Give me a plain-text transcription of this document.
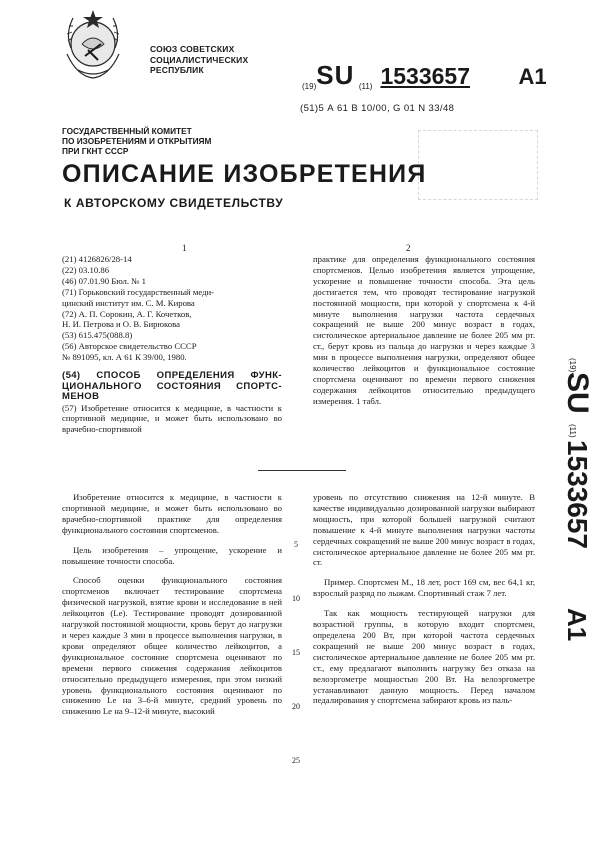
СОЮЗ СОВЕТСКИХ
СОЦИАЛИСТИЧЕСКИХ
РЕСПУБЛИК
(19)SU (11) 1533657 A1
(51)5 А 61 В 10/00, G 01 N 33/48
ГОСУДАРСТВЕННЫЙ КОМИТЕТ
ПО ИЗОБРЕТЕНИЯМ И ОТКРЫТИЯМ
ПРИ ГКНТ СССР
ОПИСАНИЕ ИЗОБРЕТЕНИЯ
К АВТОРСКОМУ СВИДЕТЕЛЬСТВУ
1	2
(21) 4126826/28-14
(22) 03.10.86
(46) 07.01.90 Бюл. № 1
(71) Горьковский государственный меди-
цинский институт им. С. М. Кирова
(72) А. П. Сорокин, А. Г. Кочетков,
Н. И. Петрова и О. В. Бирюкова
(53) 615.475(088.8)
(56) Авторское свидетельство СССР
№ 891095, кл. А 61 К 39/00, 1980.

(54) СПОСОБ ОПРЕДЕЛЕНИЯ ФУНК-ЦИОНАЛЬНОГО СОСТОЯНИЯ СПОРТС-МЕНОВ

(57) Изобретение относится к медицине, в частности к спортивной медицине, и может быть использовано во врачебно-спортивной

практике для определения функционального состояния спортсменов. Целью изобретения является упрощение, ускорение и повышение точности способа. Эта цель достигается тем, что проводят тестирование нагрузкой постоянной мощности, при которой у спортсмена к 4-й минуте выполнения нагрузки частота сердечных сокращений не выше 200 минус возраст в годах, систолическое артериальное давление не более 205 мм рт. ст., берут кровь из пальца до нагрузки и через каждые 3 мин в процессе выполнения нагрузки, определяют общее количество лейкоцитов и функциональное состояние спортсмена оценивают по времени первого снижения содержания лейкоцитов относительно предыдущего измерения. 1 табл.

Изобретение относится к медицине, в частности к спортивной медицине, и может быть использовано во врачебно-спортивной практике для определения функционального состояния спортсменов.

Цель изобретения – упрощение, ускорение и повышение точности способа.

Способ оценки функционального состояния спортсменов включает тестирование спортсмена физической нагрузкой, взятие крови и исследование в ней лейкоцитов (Le). Тестирование проводят дозированной нагрузкой постоянной мощности, кровь берут до нагрузки и через каждые 3 мин в процессе выполнения нагрузки, в крови определяют общее количество лейкоцитов, а функциональное состояние спортсмена оценивают по времени первого снижения содержания лейкоцитов относительно предыдущего измерения, при этом низкий уровень функционального состояния оценивают по снижению Le на 3–6-й минуте, средний уровень по снижению Le на 9–12-й минуте, высокий

уровень по отсутствию снижения на 12-й минуте. В качестве индивидуально дозированной нагрузки выбирают мощность, при которой большей нагрузкой считают повышение к 4-й минуте выполнения нагрузки частоты сердечных сокращений не выше 200 минус возраст в годах, систолическое артериальное давление не более 205 мм рт. ст.

Пример. Спортсмен М., 18 лет, рост 169 см, вес 64,1 кг, взрослый разряд по лыжам. Спортивный стаж 7 лет.

Так как мощность тестирующей нагрузки для возрастной группы, в которую входит спортсмен, определена 200 Вт, при которой частота сердечных сокращений не выше 200 минус возраст в годах, систолическое артериальное давление не более 205 мм рт. ст., ему предлагают выполнить нагрузку без отказа на велоэргометре мощностью 200 Вт. На велоэргометре устанавливают данную мощность. Перед началом педалирования у спортсмена забирают кровь из паль-

5
10
15
20
25
(19)
SU
(11)
1533657
A1
